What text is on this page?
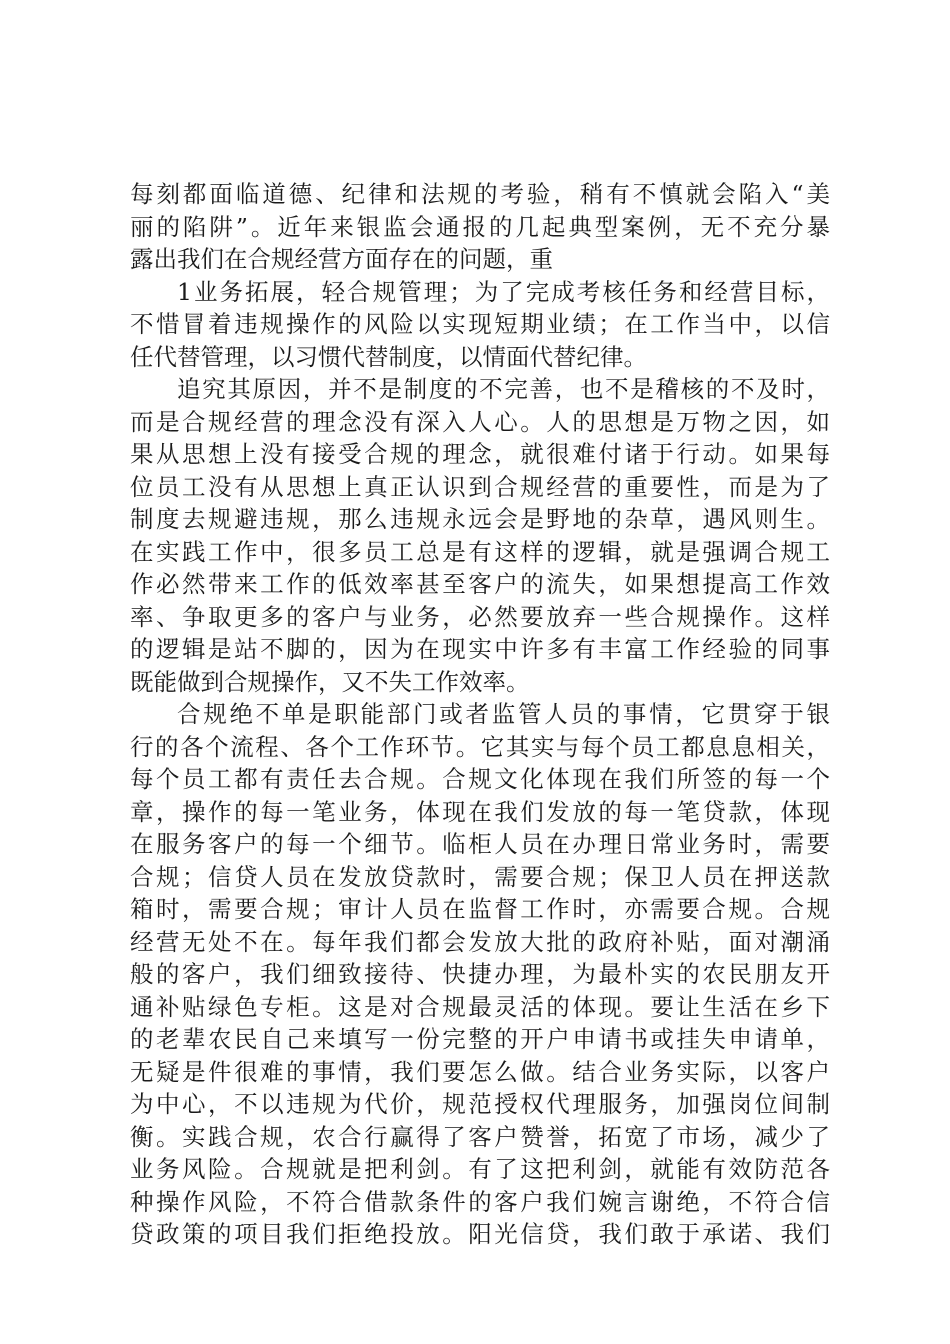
每刻都面临道德、纪律和法规的考验，稍有不慎就会陷入“美
丽的陷阱”。近年来银监会通报的几起典型案例，无不充分暴
露出我们在合规经营方面存在的问题，重
1业务拓展，轻合规管理；为了完成考核任务和经营目标，
不惜冒着违规操作的风险以实现短期业绩；在工作当中，以信
任代替管理，以习惯代替制度，以情面代替纪律。
追究其原因，并不是制度的不完善，也不是稽核的不及时，
而是合规经营的理念没有深入人心。人的思想是万物之因，如
果从思想上没有接受合规的理念，就很难付诸于行动。如果每
位员工没有从思想上真正认识到合规经营的重要性，而是为了
制度去规避违规，那么违规永远会是野地的杂草，遇风则生。
在实践工作中，很多员工总是有这样的逻辑，就是强调合规工
作必然带来工作的低效率甚至客户的流失，如果想提高工作效
率、争取更多的客户与业务，必然要放弃一些合规操作。这样
的逻辑是站不脚的，因为在现实中许多有丰富工作经验的同事
既能做到合规操作，又不失工作效率。
合规绝不单是职能部门或者监管人员的事情，它贯穿于银
行的各个流程、各个工作环节。它其实与每个员工都息息相关，
每个员工都有责任去合规。合规文化体现在我们所签的每一个
章，操作的每一笔业务，体现在我们发放的每一笔贷款，体现
在服务客户的每一个细节。临柜人员在办理日常业务时，需要
合规；信贷人员在发放贷款时，需要合规；保卫人员在押送款
箱时，需要合规；审计人员在监督工作时，亦需要合规。合规
经营无处不在。每年我们都会发放大批的政府补贴，面对潮涌
般的客户，我们细致接待、快捷办理，为最朴实的农民朋友开
通补贴绿色专柜。这是对合规最灵活的体现。要让生活在乡下
的老辈农民自己来填写一份完整的开户申请书或挂失申请单，
无疑是件很难的事情，我们要怎么做。结合业务实际，以客户
为中心，不以违规为代价，规范授权代理服务，加强岗位间制
衡。实践合规，农合行赢得了客户赞誉，拓宽了市场，减少了
业务风险。合规就是把利剑。有了这把利剑，就能有效防范各
种操作风险，不符合借款条件的客户我们婉言谢绝，不符合信
贷政策的项目我们拒绝投放。阳光信贷，我们敢于承诺、我们
